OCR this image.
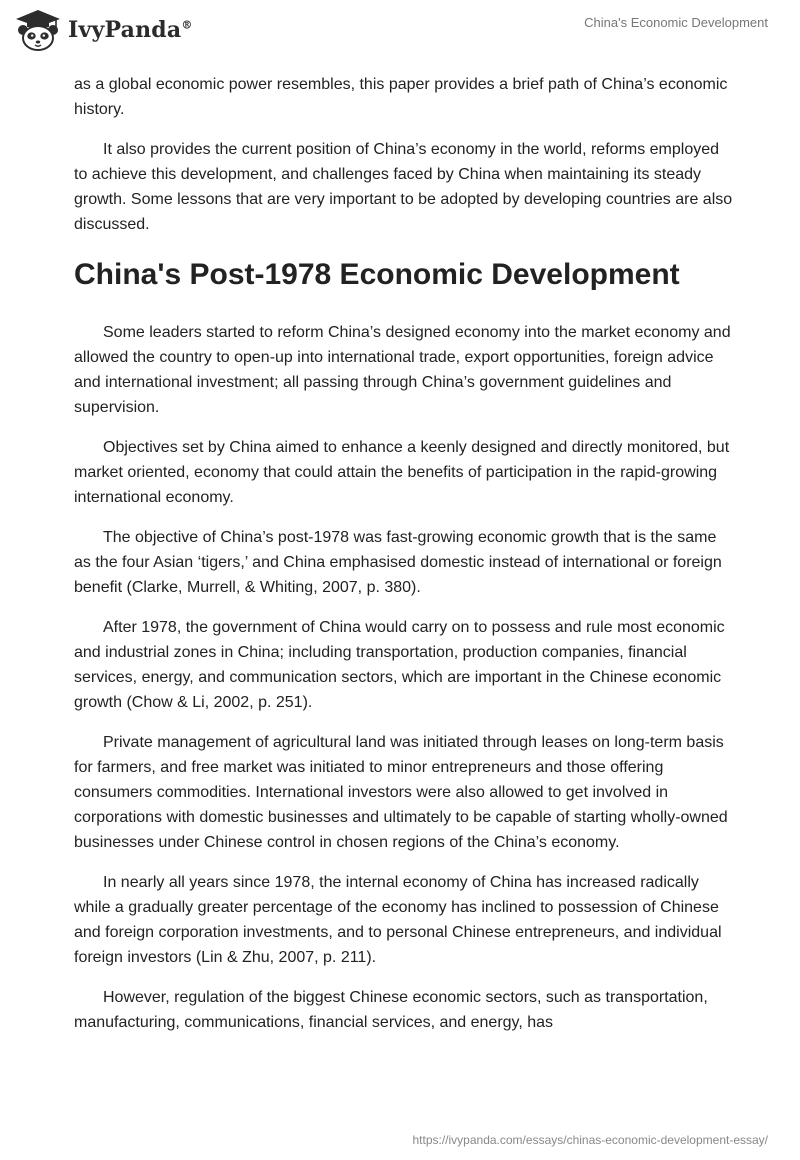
IvyPanda®	China's Economic Development

as a global economic power resembles, this paper provides a brief path of China’s economic history.

It also provides the current position of China’s economy in the world, reforms employed to achieve this development, and challenges faced by China when maintaining its steady growth. Some lessons that are very important to be adopted by developing countries are also discussed.

China's Post-1978 Economic Development

Some leaders started to reform China’s designed economy into the market economy and allowed the country to open-up into international trade, export opportunities, foreign advice and international investment; all passing through China’s government guidelines and supervision.

Objectives set by China aimed to enhance a keenly designed and directly monitored, but market oriented, economy that could attain the benefits of participation in the rapid-growing international economy.

The objective of China’s post-1978 was fast-growing economic growth that is the same as the four Asian ‘tigers,’ and China emphasised domestic instead of international or foreign benefit (Clarke, Murrell, & Whiting, 2007, p. 380).

After 1978, the government of China would carry on to possess and rule most economic and industrial zones in China; including transportation, production companies, financial services, energy, and communication sectors, which are important in the Chinese economic growth (Chow & Li, 2002, p. 251).

Private management of agricultural land was initiated through leases on long-term basis for farmers, and free market was initiated to minor entrepreneurs and those offering consumers commodities. International investors were also allowed to get involved in corporations with domestic businesses and ultimately to be capable of starting wholly-owned businesses under Chinese control in chosen regions of the China’s economy.

In nearly all years since 1978, the internal economy of China has increased radically while a gradually greater percentage of the economy has inclined to possession of Chinese and foreign corporation investments, and to personal Chinese entrepreneurs, and individual foreign investors (Lin & Zhu, 2007, p. 211).

However, regulation of the biggest Chinese economic sectors, such as transportation, manufacturing, communications, financial services, and energy, has

https://ivypanda.com/essays/chinas-economic-development-essay/
